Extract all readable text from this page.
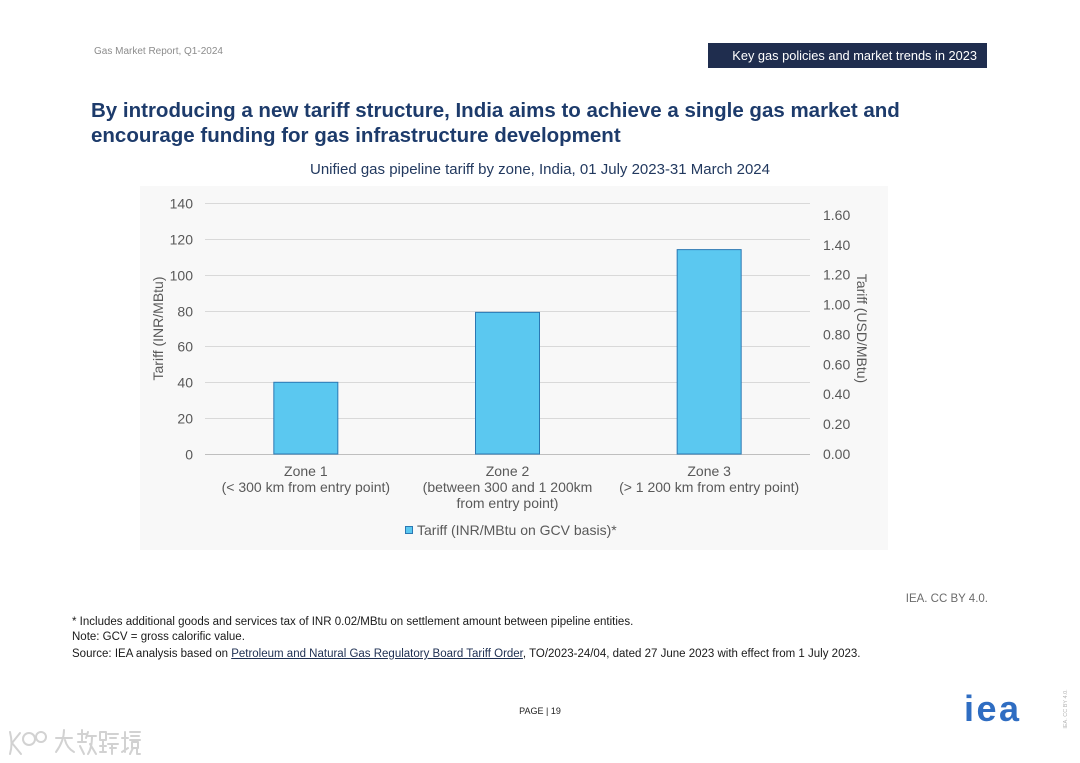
Gas Market Report, Q1-2024	Key gas policies and market trends in 2023
By introducing a new tariff structure, India aims to achieve a single gas market and encourage funding for gas infrastructure development
Unified gas pipeline tariff by zone, India, 01 July 2023-31 March 2024
0
20
40
60
80
100
120
140
0.00
0.20
0.40
0.60
0.80
1.00
1.20
1.40
1.60
Tariff (INR/MBtu)	Tariff (USD/MBtu)
Tariff (INR/MBtu on GCV basis)*
Zone 1
(< 300 km from entry point)
Zone 2
(between 300 and 1 200km
from entry point)
Zone 3
(> 1 200 km from entry point)
IEA. CC BY 4.0.
* Includes additional goods and services tax of INR 0.02/MBtu on settlement amount between pipeline entities.
Note: GCV = gross calorific value.
Source: IEA analysis based on Petroleum and Natural Gas Regulatory Board Tariff Order, TO/2023-24/04, dated 27 June 2023 with effect from 1 July 2023.
PAGE | 19	iea	IEA. CC BY 4.0.
